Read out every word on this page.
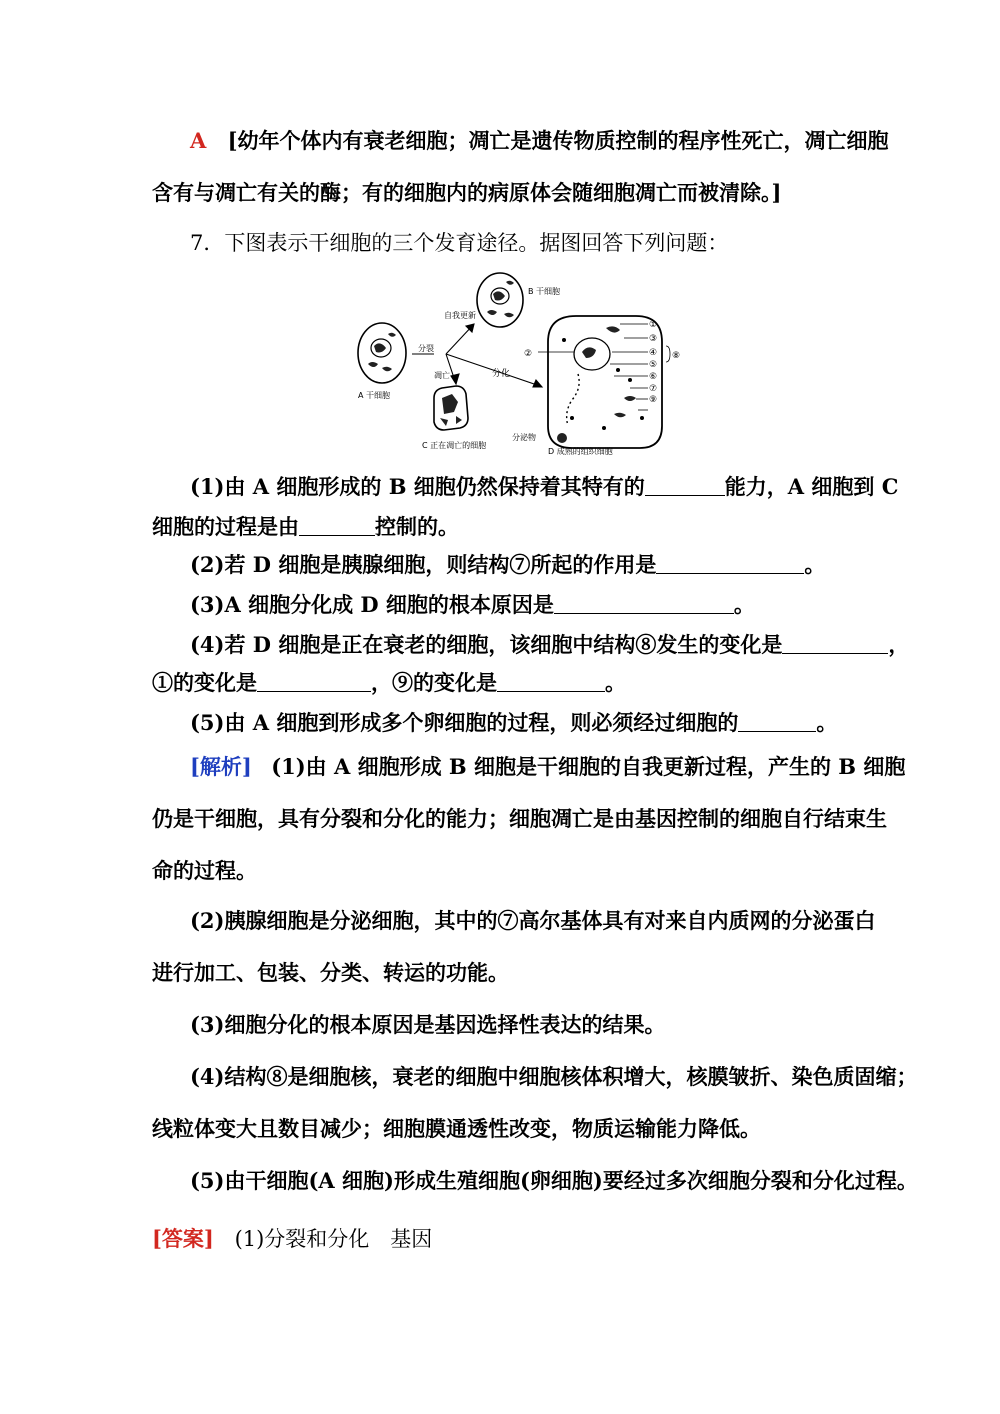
A [幼年个体内有衰老细胞；凋亡是遗传物质控制的程序性死亡，凋亡细胞
含有与凋亡有关的酶；有的细胞内的病原体会随细胞凋亡而被清除。]
7．下图表示干细胞的三个发育途径。据图回答下列问题：
A 干细胞
B 干细胞
C 正在凋亡的细胞
D 成熟的组织细胞
分裂
自我更新
凋亡	分化
分泌物
①
③
④
⑤
⑥
⑦
⑨
⑧
②
(1)由 A 细胞形成的 B 细胞仍然保持着其特有的	能力，A 细胞到 C
细胞的过程是由	控制的。
(2)若 D 细胞是胰腺细胞，则结构⑦所起的作用是	。
(3)A 细胞分化成 D 细胞的根本原因是	。
(4)若 D 细胞是正在衰老的细胞，该细胞中结构⑧发生的变化是	，
①的变化是	，⑨的变化是	。
(5)由 A 细胞到形成多个卵细胞的过程，则必须经过细胞的	。
[解析] (1)由 A 细胞形成 B 细胞是干细胞的自我更新过程，产生的 B 细胞
仍是干细胞，具有分裂和分化的能力；细胞凋亡是由基因控制的细胞自行结束生
命的过程。
(2)胰腺细胞是分泌细胞，其中的⑦高尔基体具有对来自内质网的分泌蛋白
进行加工、包装、分类、转运的功能。
(3)细胞分化的根本原因是基因选择性表达的结果。
(4)结构⑧是细胞核，衰老的细胞中细胞核体积增大，核膜皱折、染色质固缩；
线粒体变大且数目减少；细胞膜通透性改变，物质运输能力降低。
(5)由干细胞(A 细胞)形成生殖细胞(卵细胞)要经过多次细胞分裂和分化过程。
[答案] (1)分裂和分化　基因
